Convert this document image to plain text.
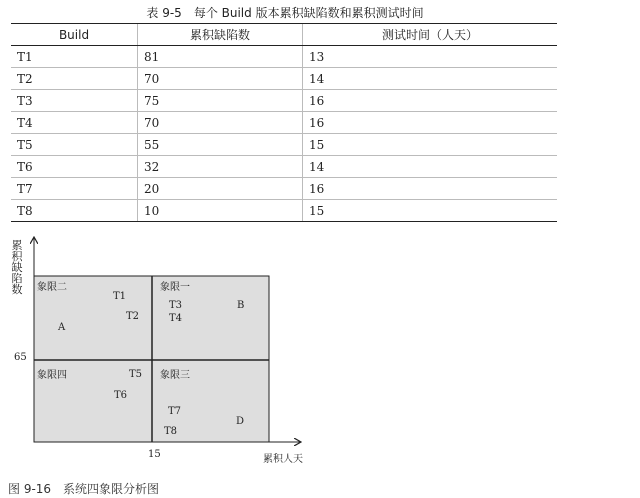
表 9-5　每个 Build 版本累积缺陷数和累积测试时间
Build	累积缺陷数	测试时间（人天）
T1	81	13
T2	70	14
T3	75	16
T4	70	16
T5	55	15
T6	32	14
T7	20	16
T8	10	15
累积缺陷数 象限二	象限一
象限四	象限三
T1
T2
A
T3
T4
B
T5
T6
T7
D
T8
65
15	累积人天
图 9-16　系统四象限分析图
